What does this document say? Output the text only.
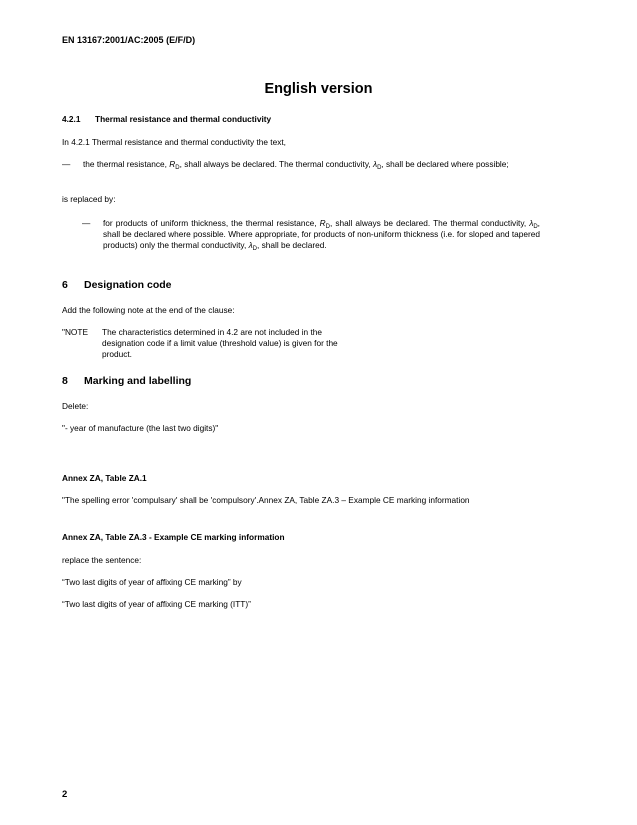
EN 13167:2001/AC:2005 (E/F/D)
English version
4.2.1 Thermal resistance and thermal conductivity
In 4.2.1 Thermal resistance and thermal conductivity the text,
—	the thermal resistance, $R_D$, shall always be declared. The thermal conductivity, $\lambda_D$, shall be declared where possible;
is replaced by:
—	for products of uniform thickness, the thermal resistance, $R_D$, shall always be declared. The thermal conductivity, $\lambda_D$, shall be declared where possible. Where appropriate, for products of non-uniform thickness (i.e. for sloped and tapered products) only the thermal conductivity, $\lambda_D$, shall be declared.
6 Designation code
Add the following note at the end of the clause:
"NOTE	The characteristics determined in 4.2 are not included in the designation code if a limit value (threshold value) is given for the product.
8 Marking and labelling
Delete:
"- year of manufacture (the last two digits)"
Annex ZA, Table ZA.1
"The spelling error 'compulsary' shall be 'compulsory'.Annex ZA, Table ZA.3 – Example CE marking information
Annex ZA, Table ZA.3 - Example CE marking information
replace the sentence:
“Two last digits of year of affixing CE marking” by
“Two last digits of year of affixing CE marking (ITT)”
2
